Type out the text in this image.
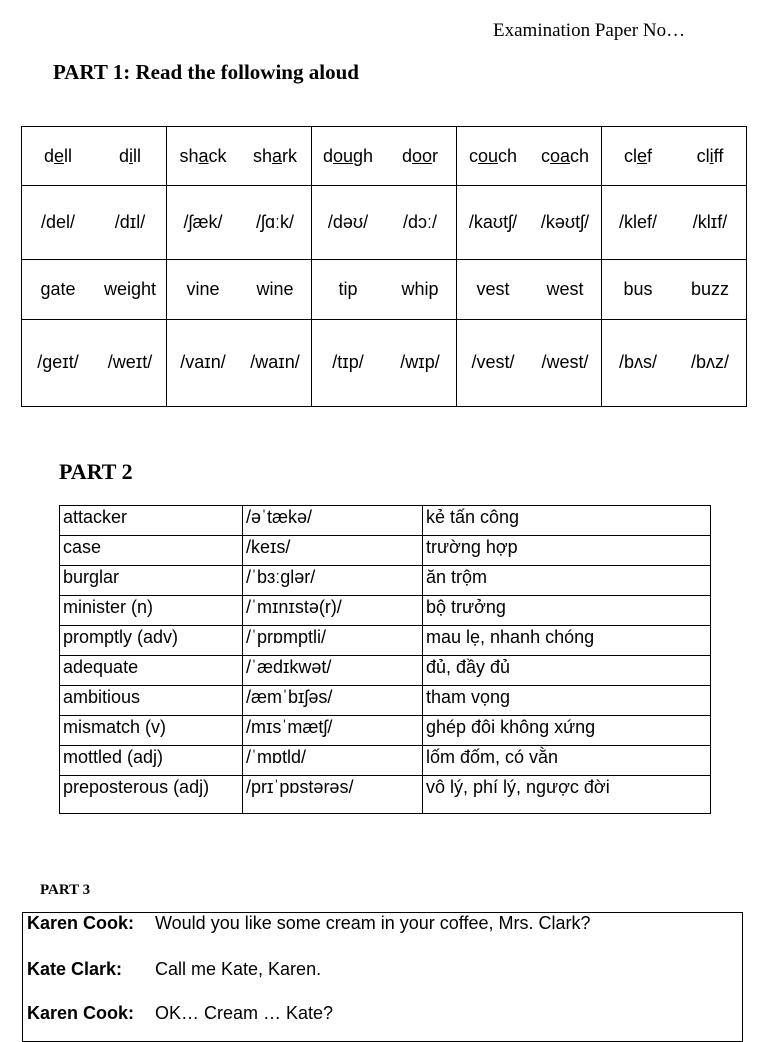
Examination Paper No…
PART 1: Read the following aloud
dell	dill	shack	shark	dough	door	couch	coach	clef	cliff
/del/	/dɪl/	/ʃæk/	/ʃɑːk/	/dəʊ/	/dɔː/	/kaʊtʃ/	/kəʊtʃ/	/klef/	/klɪf/
gate	weight	vine	wine	tip	whip	vest	west	bus	buzz
/geɪt/	/weɪt/	/vaɪn/	/waɪn/	/tɪp/	/wɪp/	/vest/	/west/	/bʌs/	/bʌz/
PART 2
attacker	/əˈtækə/	kẻ tấn công
case	/keɪs/	trường hợp
burglar	/ˈbɜːglər/	ăn trộm
minister (n)	/ˈmɪnɪstə(r)/	bộ trưởng
promptly (adv)	/ˈprɒmptli/	mau lẹ, nhanh chóng
adequate	/ˈædɪkwət/	đủ, đầy đủ
ambitious	/æmˈbɪʃəs/	tham vọng
mismatch (v)	/mɪsˈmætʃ/	ghép đôi không xứng
mottled (adj)	/ˈmɒtld/	lốm đốm, có vằn
preposterous (adj)	/prɪˈpɒstərəs/	vô lý, phí lý, ngược đời
PART 3
Karen Cook: Would you like some cream in your coffee, Mrs. Clark?
Kate Clark: Call me Kate, Karen.
Karen Cook: OK… Cream … Kate?
